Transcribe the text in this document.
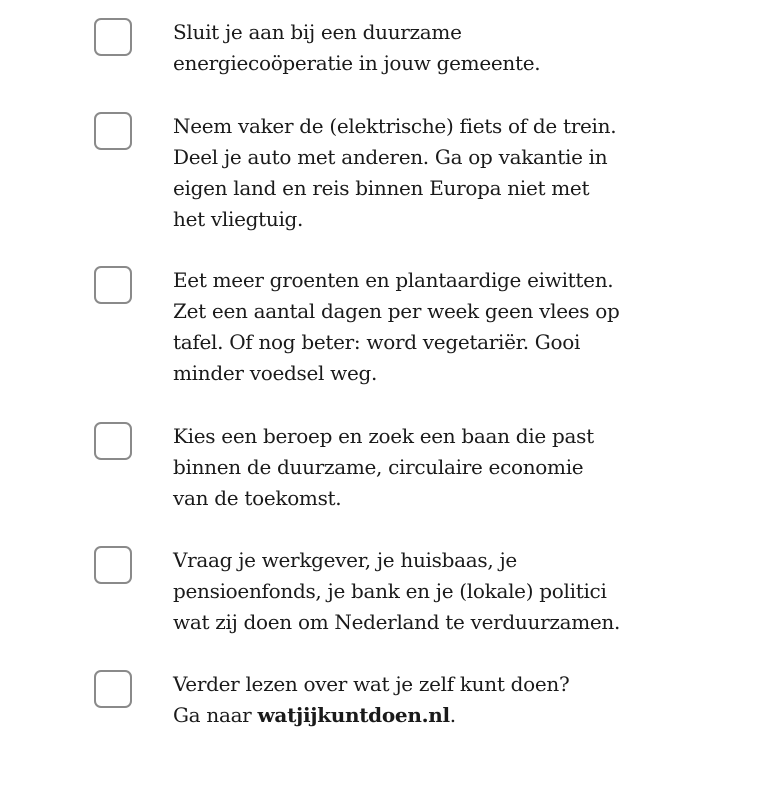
Sluit je aan bij een duurzame
energiecoöperatie in jouw gemeente.
Neem vaker de (elektrische) fiets of de trein.
Deel je auto met anderen. Ga op vakantie in
eigen land en reis binnen Europa niet met
het vliegtuig.
Eet meer groenten en plantaardige eiwitten.
Zet een aantal dagen per week geen vlees op
tafel. Of nog beter: word vegetariër. Gooi
minder voedsel weg.
Kies een beroep en zoek een baan die past
binnen de duurzame, circulaire economie
van de toekomst.
Vraag je werkgever, je huisbaas, je
pensioenfonds, je bank en je (lokale) politici
wat zij doen om Nederland te verduurzamen.
Verder lezen over wat je zelf kunt doen?
Ga naar watjijkuntdoen.nl.
